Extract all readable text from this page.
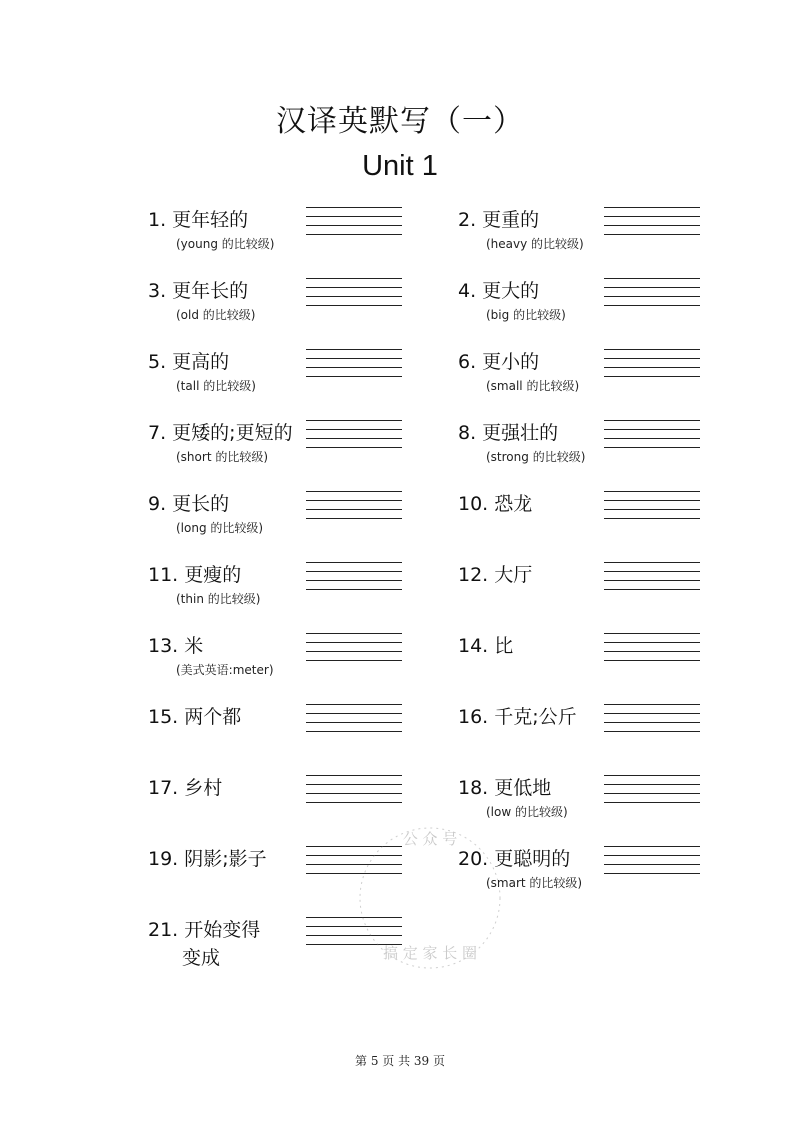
汉译英默写（一）
Unit 1
1. 更年轻的
(young 的比较级)
2. 更重的
(heavy 的比较级)
3. 更年长的
(old 的比较级)
4. 更大的
(big 的比较级)
5. 更高的
(tall 的比较级)
6. 更小的
(small 的比较级)
7. 更矮的;更短的
(short 的比较级)
8. 更强壮的
(strong 的比较级)
9. 更长的
(long 的比较级)
10. 恐龙
11. 更瘦的
(thin 的比较级)
12. 大厅
13. 米
(美式英语:meter)
14. 比
15. 两个都	16. 千克;公斤
17. 乡村	18. 更低地
(low 的比较级)
19. 阴影;影子	20. 更聪明的
(smart 的比较级)
21. 开始变得
变成
公 众 号
搞 定 家 长 圈
第 5 页 共 39 页
